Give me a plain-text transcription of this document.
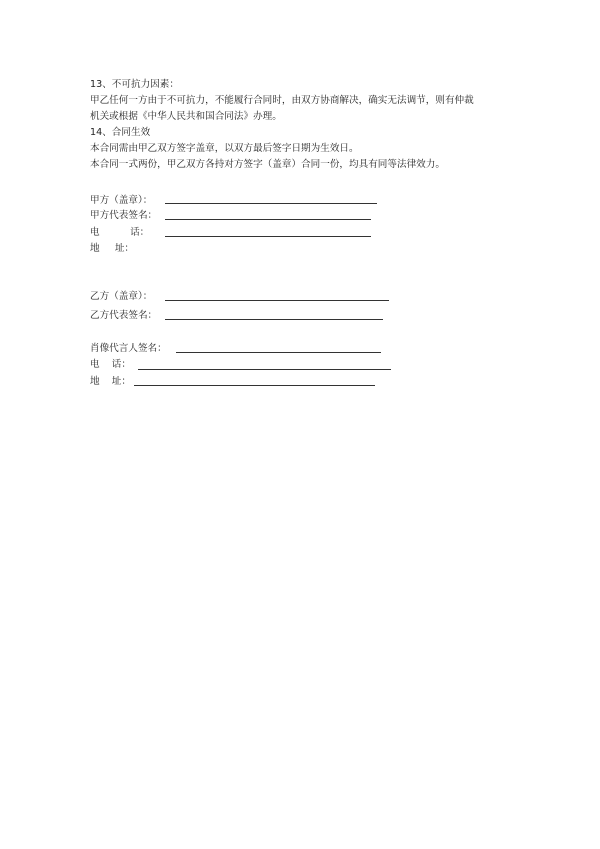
13、不可抗力因素：
甲乙任何一方由于不可抗力，不能履行合同时，由双方协商解决，确实无法调节，则有仲裁
机关或根据《中华人民共和国合同法》办理。
14、合同生效
本合同需由甲乙双方签字盖章，以双方最后签字日期为生效日。
本合同一式两份，甲乙双方各持对方签字（盖章）合同一份，均具有同等法律效力。
甲方（盖章）：
甲方代表签名：
电          话：
地     址：
乙方（盖章）：
乙方代表签名：
肖像代言人签名：
电    话：
地    址：
